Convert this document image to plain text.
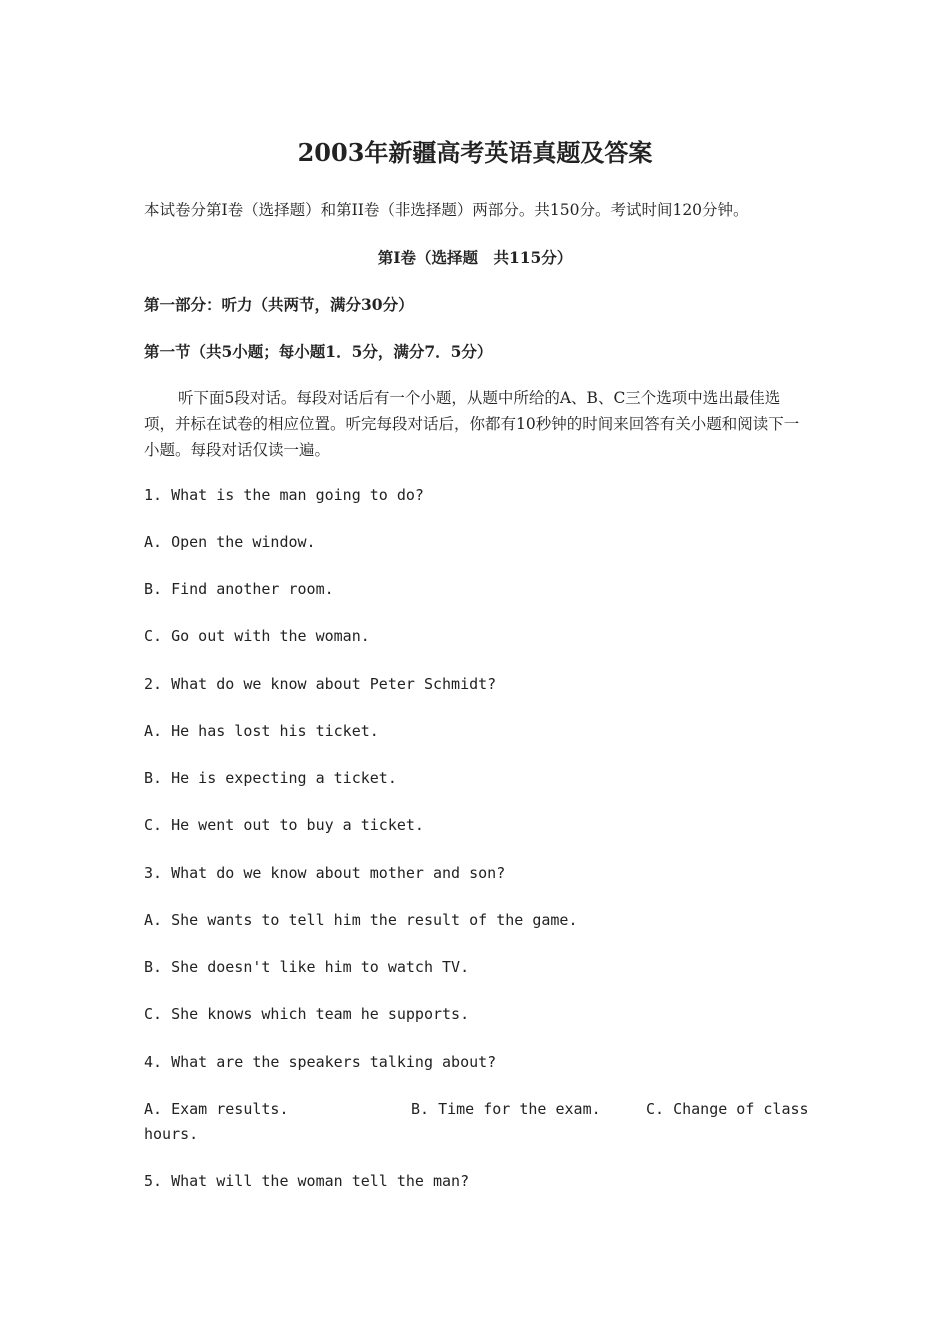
2003年新疆高考英语真题及答案
本试卷分第I卷（选择题）和第II卷（非选择题）两部分。共150分。考试时间120分钟。
第I卷（选择题　共115分）
第一部分：听力（共两节，满分30分）
第一节（共5小题；每小题1．5分，满分7．5分）
听下面5段对话。每段对话后有一个小题，从题中所给的A、B、C三个选项中选出最佳选项，并标在试卷的相应位置。听完每段对话后，你都有10秒钟的时间来回答有关小题和阅读下一小题。每段对话仅读一遍。
1. What is the man going to do?
A. Open the window.
B. Find another room.
C. Go out with the woman.
2. What do we know about Peter Schmidt?
A. He has lost his ticket.
B. He is expecting a ticket.
C. He went out to buy a ticket.
3. What do we know about mother and son?
A. She wants to tell him the result of the game.
B. She doesn't like him to watch TV.
C. She knows which team he supports.
4. What are the speakers talking about?
A. Exam results.	B. Time for the exam.	C. Change of class
hours.
5. What will the woman tell the man?
